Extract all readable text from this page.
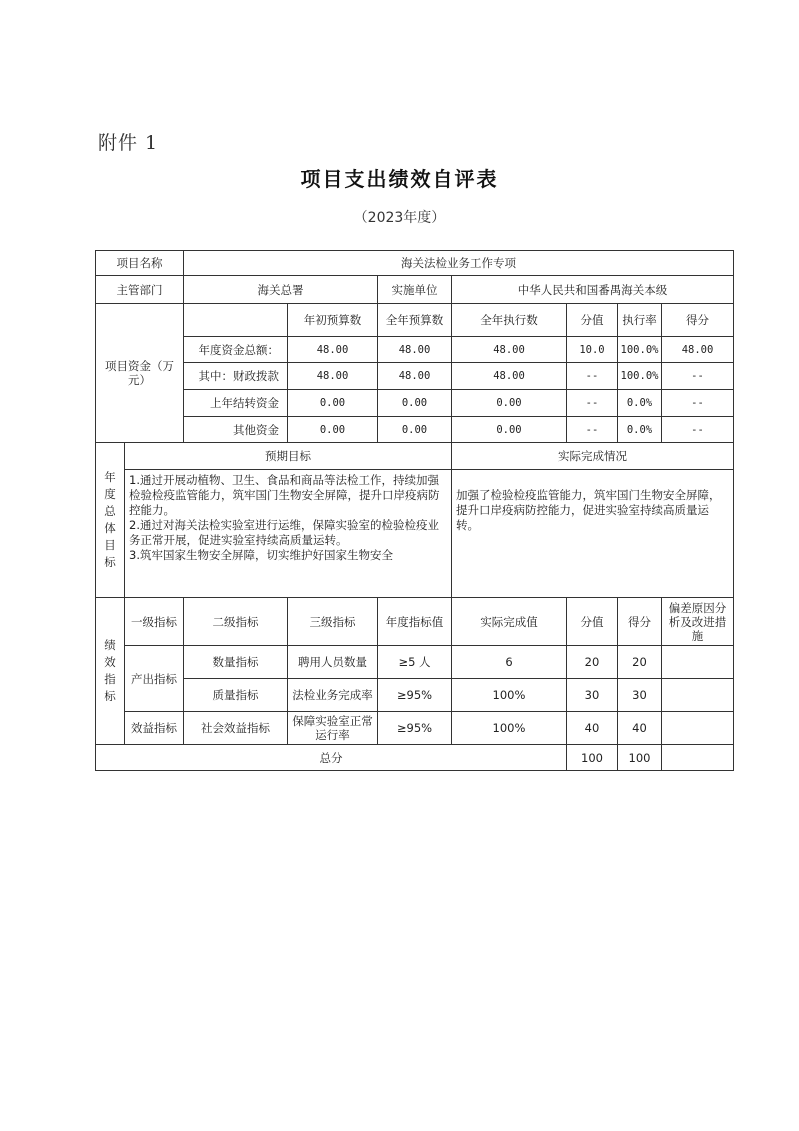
附件 1
项目支出绩效自评表
（2023年度）
项目名称		海关法检业务工作专项						
主管部门		海关总署		实施单位	中华人民共和国番禺海关本级			
项目资金（万元）			年初预算数	全年预算数	全年执行数	分值	执行率	得分
		年度资金总额：	48.00	48.00	48.00	10.0	100.0%	48.00
		其中：财政拨款	48.00	48.00	48.00	--	100.0%	--
		上年结转资金	0.00	0.00	0.00	--	0.0%	--
		其他资金	0.00	0.00	0.00	--	0.0%	--
年度总体目标	预期目标				实际完成情况			
	1.通过开展动植物、卫生、食品和商品等法检工作，持续加强检验检疫监管能力，筑牢国门生物安全屏障，提升口岸疫病防控能力。
2.通过对海关法检实验室进行运维，保障实验室的检验检疫业务正常开展，促进实验室持续高质量运转。
3.筑牢国家生物安全屏障，切实维护好国家生物安全				加强了检验检疫监管能力，筑牢国门生物安全屏障，提升口岸疫病防控能力，促进实验室持续高质量运转。			
绩效指标	一级指标	二级指标	三级指标	年度指标值	实际完成值	分值	得分	偏差原因分析及改进措施
	产出指标	数量指标	聘用人员数量	≥5 人	6	20	20	
		质量指标	法检业务完成率	≥95%	100%	30	30	
	效益指标	社会效益指标	保障实验室正常运行率	≥95%	100%	40	40	
总分						100	100	
